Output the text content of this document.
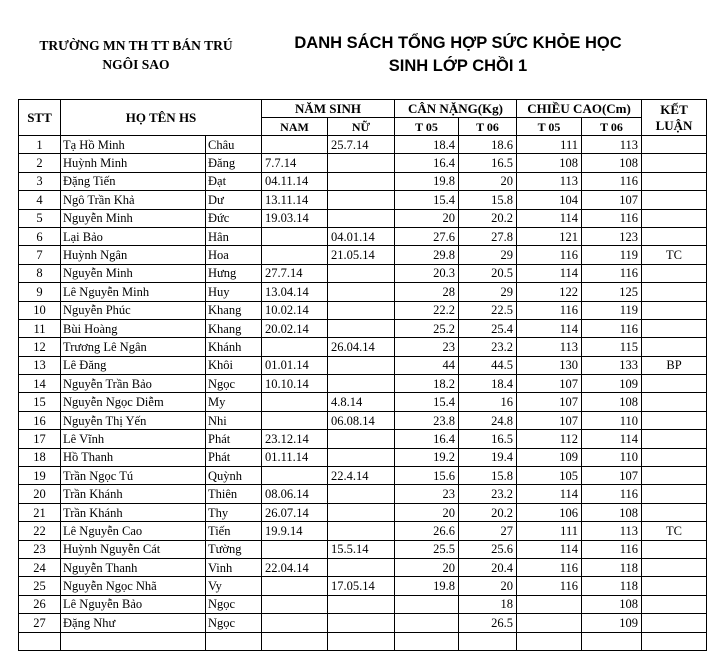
TRƯỜNG MN TH TT BÁN TRÚ
NGÔI SAO
DANH SÁCH TỔNG HỢP SỨC KHỎE HỌC
SINH LỚP CHỒI 1
STT	HỌ TÊN HS		NĂM SINH		CÂN NẶNG(Kg)		CHIỀU CAO(Cm)		KẾT
LUẬN

			NAM	NỮ	T 05	T 06	T 05	T 06	
1	Tạ Hồ Minh	Châu		25.7.14	18.4	18.6	111	113	
2	Huỳnh Minh	Đăng	7.7.14		16.4	16.5	108	108	
3	Đặng Tiến	Đạt	04.11.14		19.8	20	113	116	
4	Ngô Trần Khả	Dư	13.11.14		15.4	15.8	104	107	
5	Nguyễn Minh	Đức	19.03.14		20	20.2	114	116	
6	Lại Bảo	Hân		04.01.14	27.6	27.8	121	123	
7	Huỳnh Ngân	Hoa		21.05.14	29.8	29	116	119	TC
8	Nguyễn Minh	Hưng	27.7.14		20.3	20.5	114	116	
9	Lê Nguyễn Minh	Huy	13.04.14		28	29	122	125	
10	Nguyễn Phúc	Khang	10.02.14		22.2	22.5	116	119	
11	Bùi Hoàng	Khang	20.02.14		25.2	25.4	114	116	
12	Trương Lê Ngân	Khánh		26.04.14	23	23.2	113	115	
13	Lê Đăng	Khôi	01.01.14		44	44.5	130	133	BP
14	Nguyễn Trần Bảo	Ngọc	10.10.14		18.2	18.4	107	109	
15	Nguyễn Ngọc Diễm	My		4.8.14	15.4	16	107	108	
16	Nguyễn Thị Yến	Nhi		06.08.14	23.8	24.8	107	110	
17	Lê Vĩnh	Phát	23.12.14		16.4	16.5	112	114	
18	Hồ Thanh	Phát	01.11.14		19.2	19.4	109	110	
19	Trần Ngọc Tú	Quỳnh		22.4.14	15.6	15.8	105	107	
20	Trần Khánh	Thiên	08.06.14		23	23.2	114	116	
21	Trần Khánh	Thy	26.07.14		20	20.2	106	108	
22	Lê Nguyễn Cao	Tiến	19.9.14		26.6	27	111	113	TC
23	Huỳnh Nguyễn Cát	Tường		15.5.14	25.5	25.6	114	116	
24	Nguyễn Thanh	Vinh	22.04.14		20	20.4	116	118	
25	Nguyễn Ngọc Nhã	Vy		17.05.14	19.8	20	116	118	
26	Lê Nguyễn Bảo	Ngọc				18		108	
27	Đặng Như	Ngọc				26.5		109	
